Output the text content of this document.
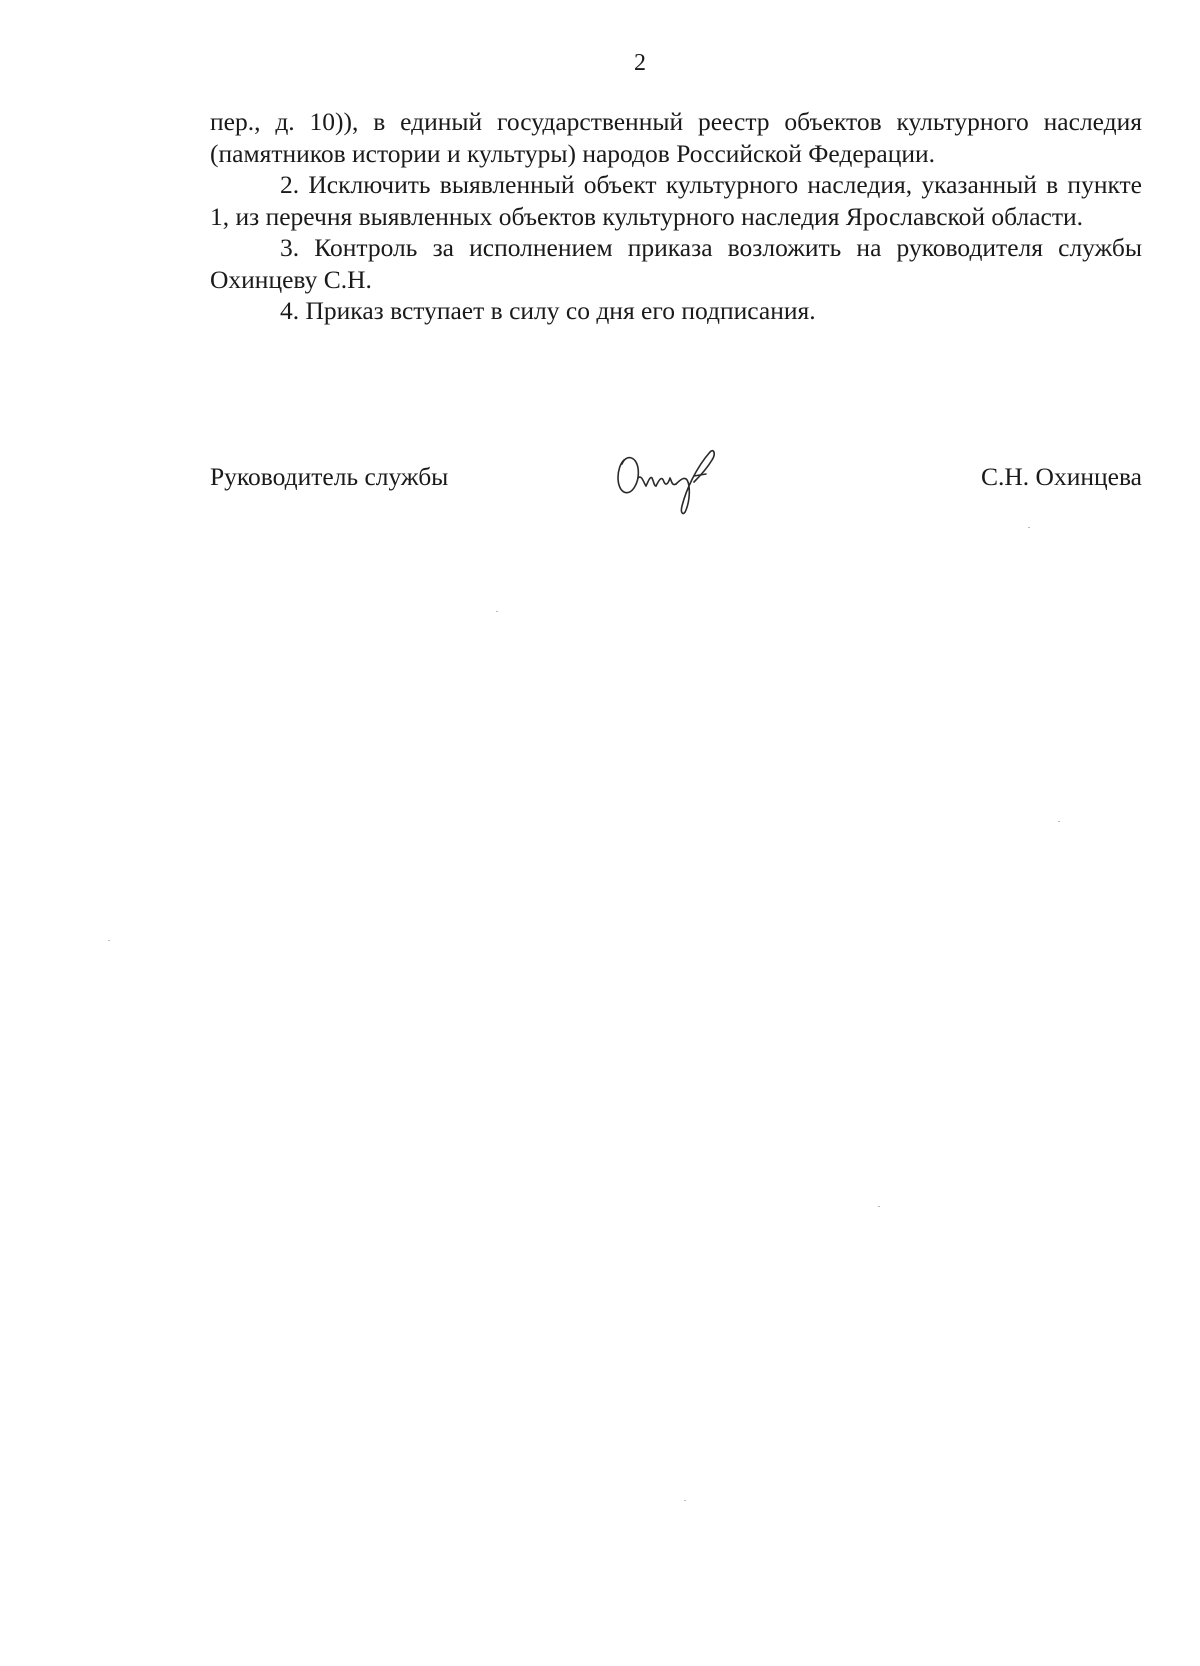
2

пер., д. 10)), в единый государственный реестр объектов культурного наследия (памятников истории и культуры) народов Российской Федерации.

2. Исключить выявленный объект культурного наследия, указанный в пункте 1, из перечня выявленных объектов культурного наследия Ярославской области.

3. Контроль за исполнением приказа возложить на руководителя службы Охинцеву С.Н.

4. Приказ вступает в силу со дня его подписания.

Руководитель службы	С.Н. Охинцева
